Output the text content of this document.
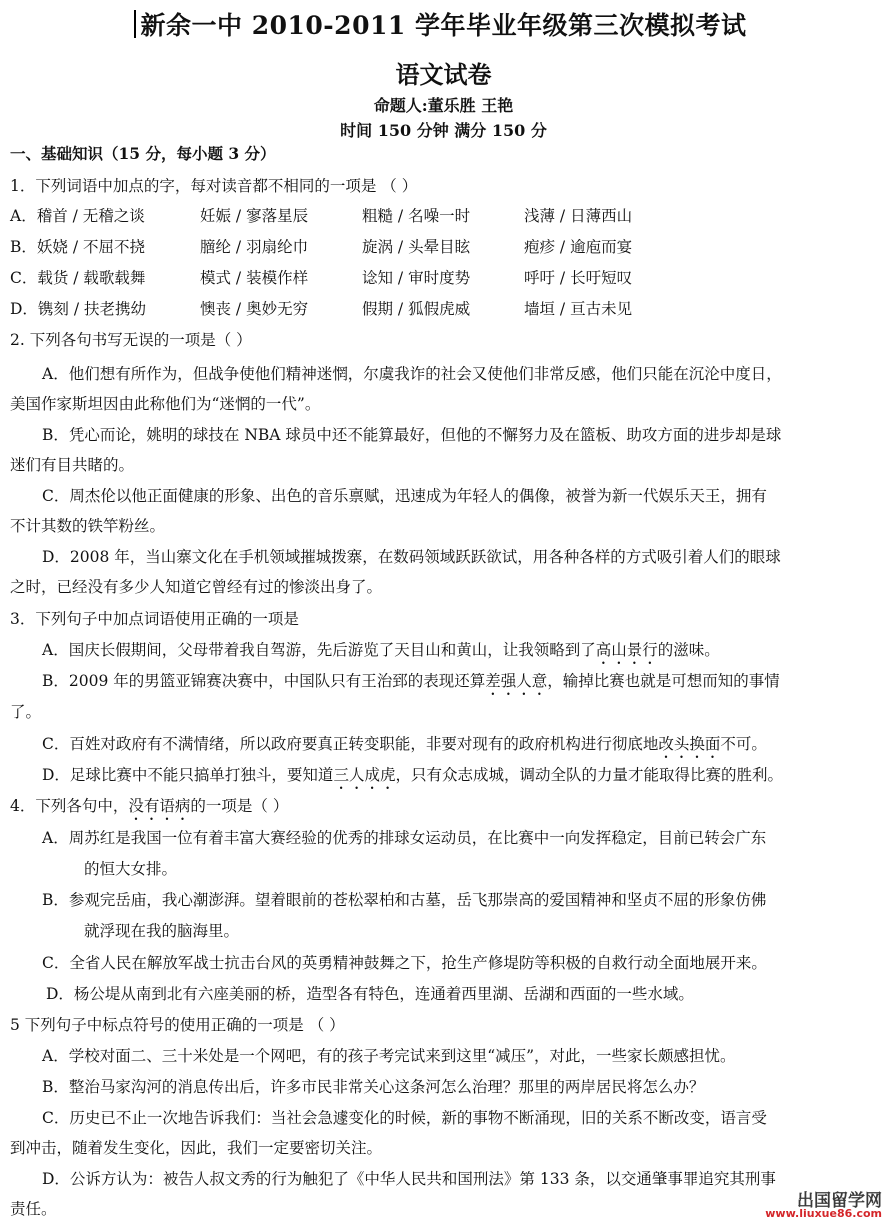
新余一中 2010-2011 学年毕业年级第三次模拟考试
语文试卷
命题人:董乐胜 王艳
时间 150 分钟 满分 150 分
一、基础知识（15 分，每小题 3 分）
1．下列词语中加点的字，每对读音都不相同的一项是 （ ）
A．稽首 / 无稽之谈	妊娠 / 寥落星辰	粗糙 / 名噪一时	浅薄 / 日薄西山
B．妖娆 / 不屈不挠	膪纶 / 羽扇纶巾	旋涡 / 头晕目眩	疱疹 / 逾庖而宴
C．载货 / 载歌载舞	模式 / 装模作样	谂知 / 审时度势	呼吁 / 长吁短叹
D．镌刻 / 扶老携幼	懊丧 / 奥妙无穷	假期 / 狐假虎威	墙垣 / 亘古未见
2. 下列各句书写无误的一项是（ ）
A．他们想有所作为，但战争使他们精神迷惘，尔虞我诈的社会又使他们非常反感，他们只能在沉沦中度日，
美国作家斯坦因由此称他们为“迷惘的一代”。
B．凭心而论，姚明的球技在 NBA 球员中还不能算最好，但他的不懈努力及在篮板、助攻方面的进步却是球
迷们有目共睹的。
C．周杰伦以他正面健康的形象、出色的音乐禀赋，迅速成为年轻人的偶像，被誉为新一代娱乐天王，拥有
不计其数的铁竿粉丝。
D．2008 年，当山寨文化在手机领域摧城拨寨，在数码领域跃跃欲试，用各种各样的方式吸引着人们的眼球
之时，已经没有多少人知道它曾经有过的惨淡出身了。
3．下列句子中加点词语使用正确的一项是
A．国庆长假期间，父母带着我自驾游，先后游览了天目山和黄山，让我领略到了高山景行的滋味。
B．2009 年的男篮亚锦赛决赛中，中国队只有王治郅的表现还算差强人意，输掉比赛也就是可想而知的事情
了。
C．百姓对政府有不满情绪，所以政府要真正转变职能，非要对现有的政府机构进行彻底地改头换面不可。
D．足球比赛中不能只搞单打独斗，要知道三人成虎，只有众志成城，调动全队的力量才能取得比赛的胜利。
4．下列各句中，没有语病的一项是（ ）
A．周苏红是我国一位有着丰富大赛经验的优秀的排球女运动员，在比赛中一向发挥稳定，目前已转会广东
的恒大女排。
B．参观完岳庙，我心潮澎湃。望着眼前的苍松翠柏和古墓，岳飞那崇高的爱国精神和坚贞不屈的形象仿佛
就浮现在我的脑海里。
C．全省人民在解放军战士抗击台风的英勇精神鼓舞之下，抢生产修堤防等积极的自救行动全面地展开来。
D．杨公堤从南到北有六座美丽的桥，造型各有特色，连通着西里湖、岳湖和西面的一些水域。
5 下列句子中标点符号的使用正确的一项是 （ ）
A．学校对面二、三十米处是一个网吧，有的孩子考完试来到这里“减压”，对此，一些家长颇感担忧。
B．整治马家沟河的消息传出后，许多市民非常关心这条河怎么治理？那里的两岸居民将怎么办？
C．历史已不止一次地告诉我们：当社会急遽变化的时候，新的事物不断涌现，旧的关系不断改变，语言受
到冲击，随着发生变化，因此，我们一定要密切关注。
D．公诉方认为：被告人叔文秀的行为触犯了《中华人民共和国刑法》第 133 条，以交通肇事罪追究其刑事
责任。	出国留学网
www.liuxue86.com
